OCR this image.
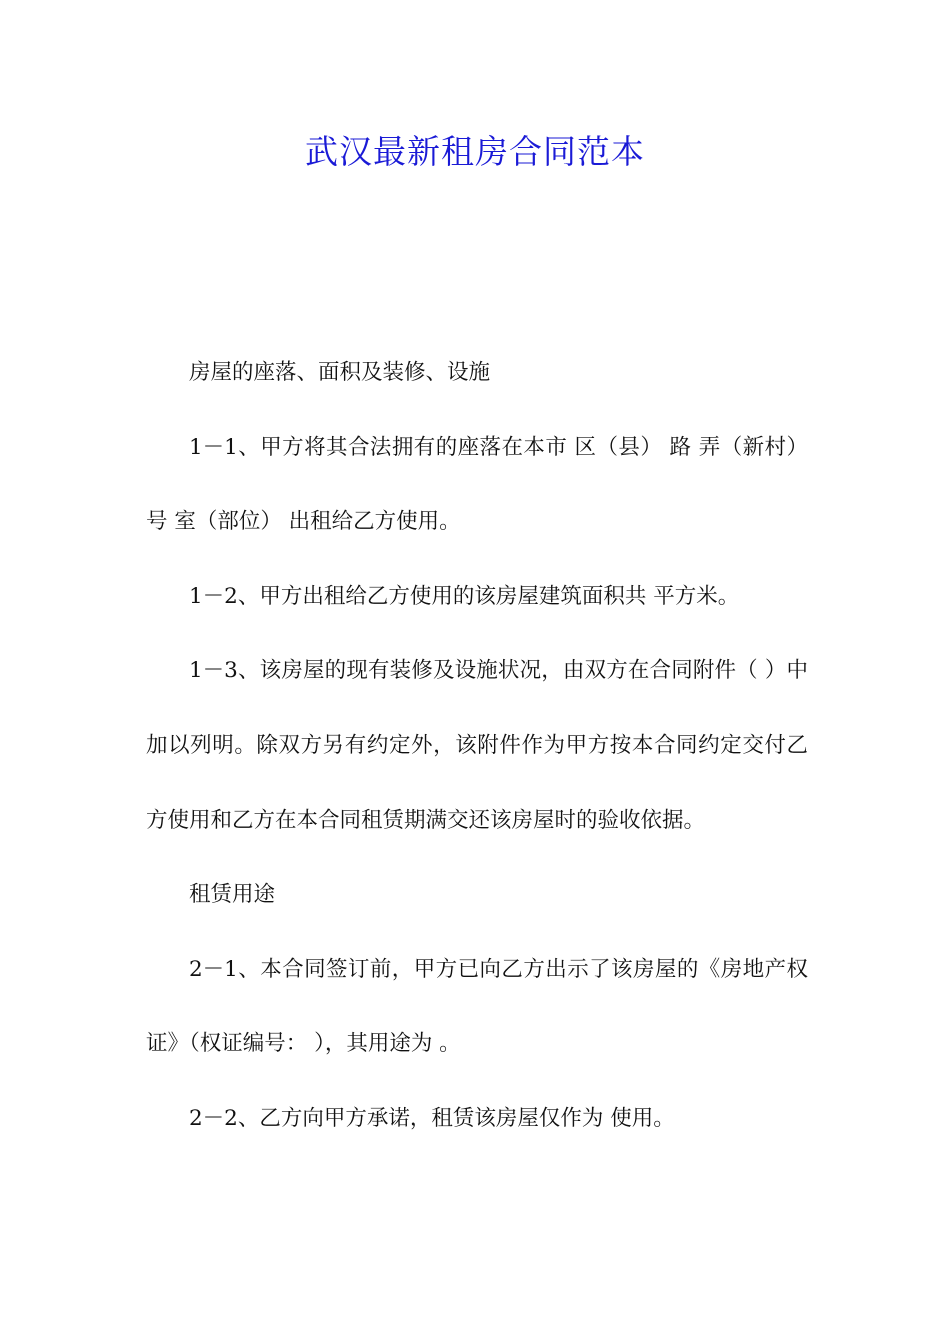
武汉最新租房合同范本

房屋的座落、面积及装修、设施

1－1、甲方将其合法拥有的座落在本市 区（县） 路 弄（新村） 号 室（部位） 出租给乙方使用。

1－2、甲方出租给乙方使用的该房屋建筑面积共 平方米。

1－3、该房屋的现有装修及设施状况，由双方在合同附件（ ）中加以列明。除双方另有约定外，该附件作为甲方按本合同约定交付乙方使用和乙方在本合同租赁期满交还该房屋时的验收依据。

租赁用途

2－1、本合同签订前，甲方已向乙方出示了该房屋的《房地产权证》（权证编号： ），其用途为 。

2－2、乙方向甲方承诺，租赁该房屋仅作为 使用。
